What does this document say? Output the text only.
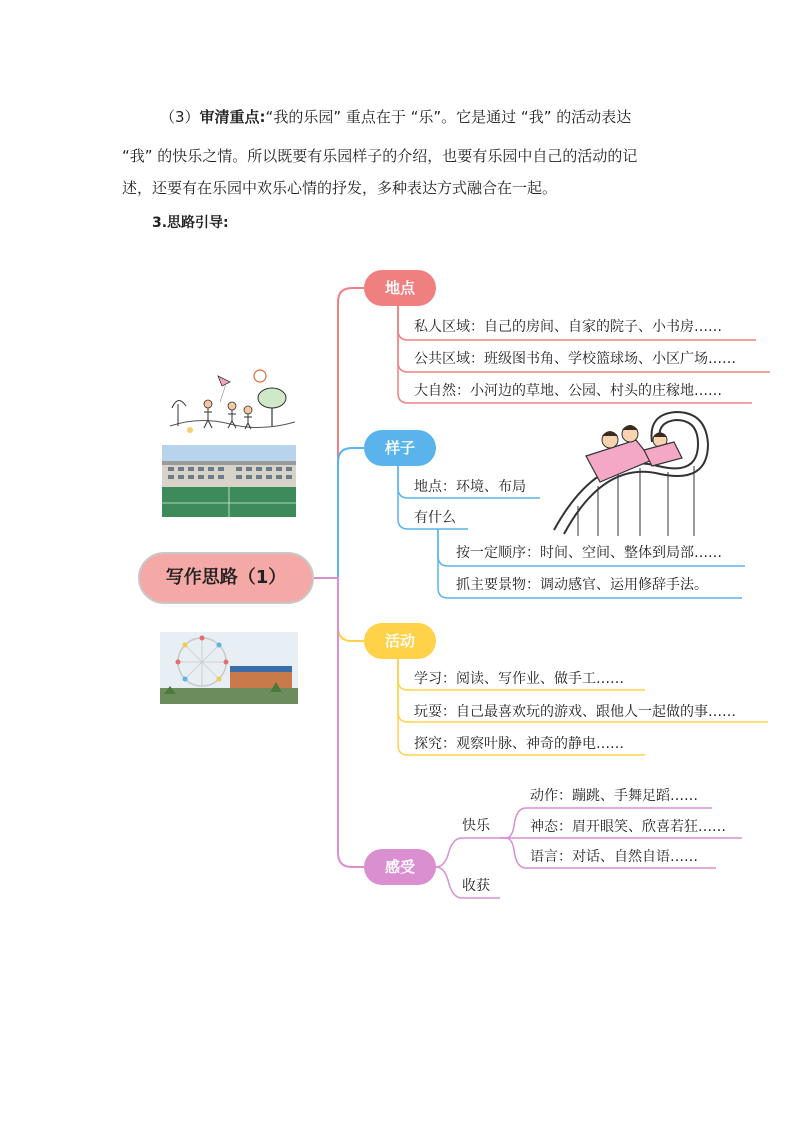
（3）审清重点:“我的乐园” 重点在于 “乐”。它是通过 “我” 的活动表达
“我” 的快乐之情。所以既要有乐园样子的介绍，也要有乐园中自己的活动的记
述，还要有在乐园中欢乐心情的抒发，多种表达方式融合在一起。
3.思路引导:
写作思路（1）
地点
样子
活动
感受
私人区域：自己的房间、自家的院子、小书房……
公共区域：班级图书角、学校篮球场、小区广场……
大自然：小河边的草地、公园、村头的庄稼地……
地点：环境、布局
有什么
按一定顺序：时间、空间、整体到局部……
抓主要景物：调动感官、运用修辞手法。
学习：阅读、写作业、做手工……
玩耍：自己最喜欢玩的游戏、跟他人一起做的事……
探究：观察叶脉、神奇的静电……
快乐
收获
动作：蹦跳、手舞足蹈……
神态：眉开眼笑、欣喜若狂……
语言：对话、自然自语……
